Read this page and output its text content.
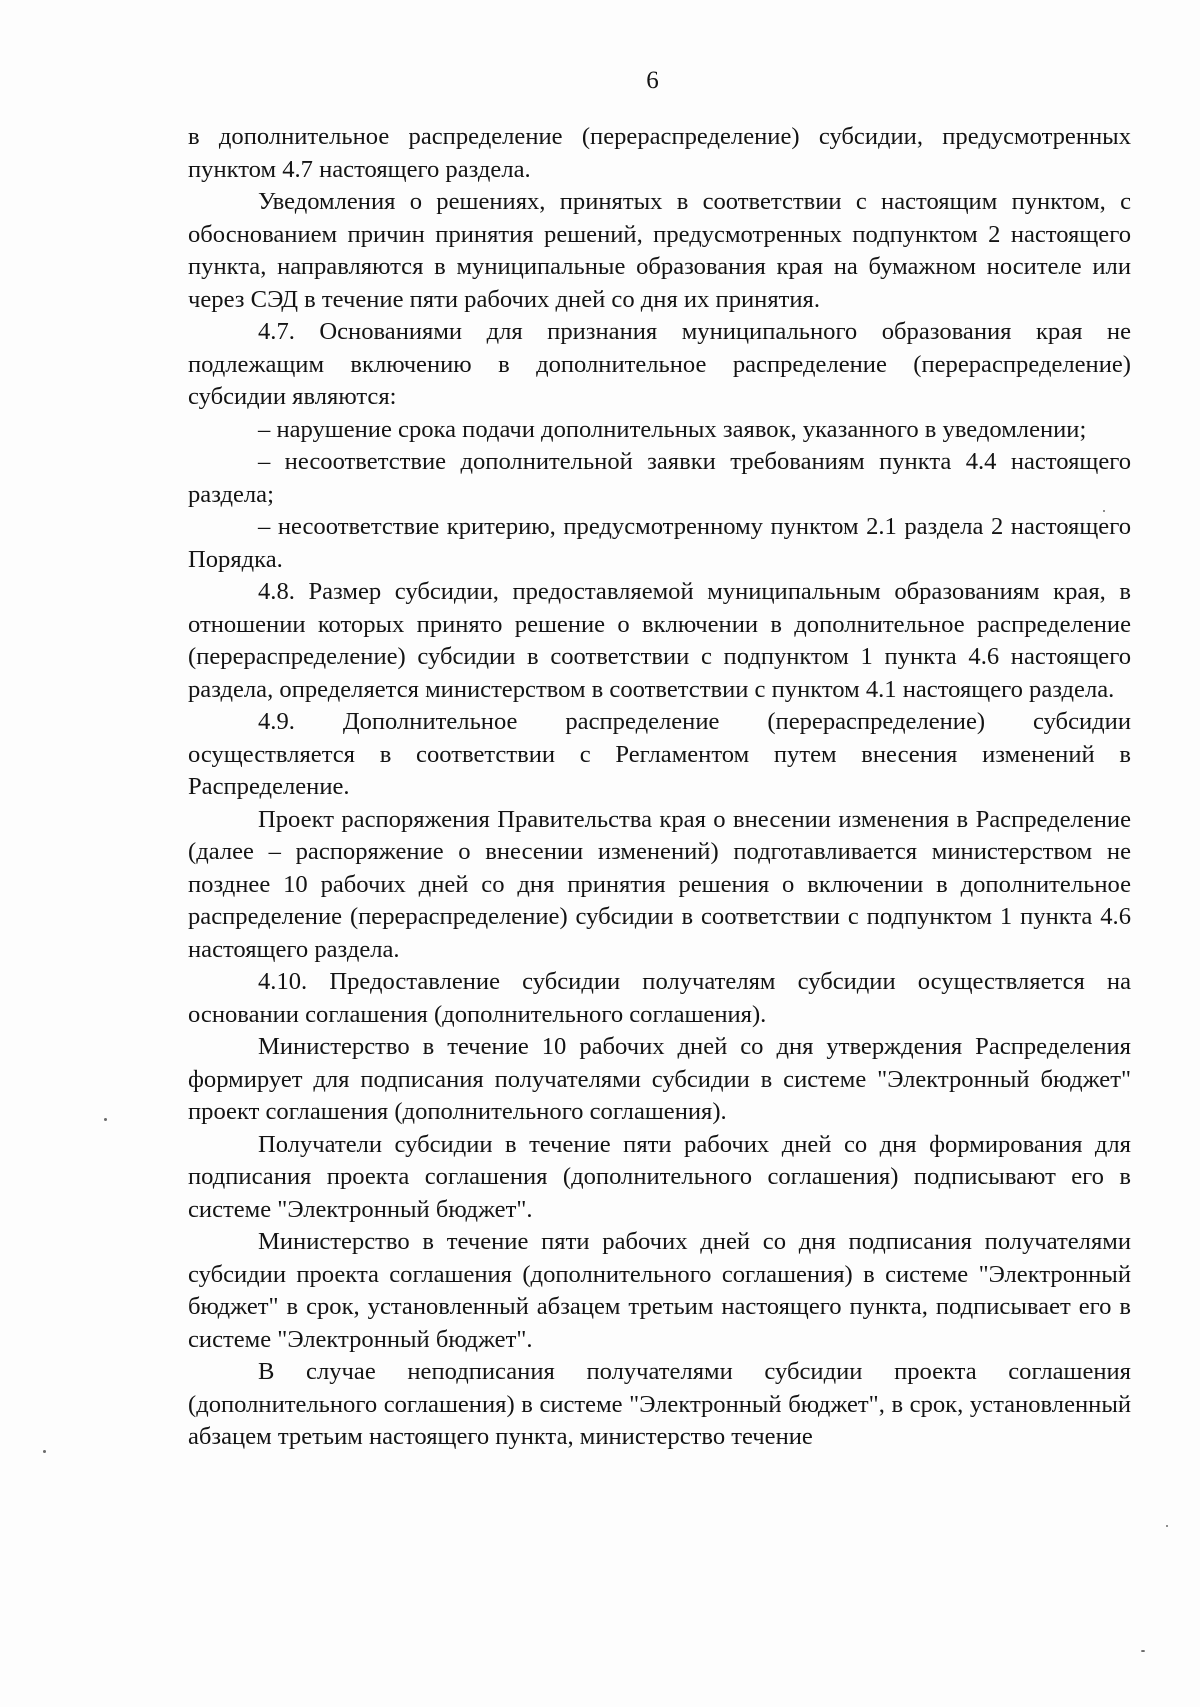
6

в дополнительное распределение (перераспределение) субсидии, предусмотренных пунктом 4.7 настоящего раздела.

Уведомления о решениях, принятых в соответствии с настоящим пунктом, с обоснованием причин принятия решений, предусмотренных подпунктом 2 настоящего пункта, направляются в муниципальные образования края на бумажном носителе или через СЭД в течение пяти рабочих дней со дня их принятия.

4.7. Основаниями для признания муниципального образования края не подлежащим включению в дополнительное распределение (перераспределение) субсидии являются:

– нарушение срока подачи дополнительных заявок, указанного в уведомлении;

– несоответствие дополнительной заявки требованиям пункта 4.4 настоящего раздела;

– несоответствие критерию, предусмотренному пунктом 2.1 раздела 2 настоящего Порядка.

4.8. Размер субсидии, предоставляемой муниципальным образованиям края, в отношении которых принято решение о включении в дополнительное распределение (перераспределение) субсидии в соответствии с подпунктом 1 пункта 4.6 настоящего раздела, определяется министерством в соответствии с пунктом 4.1 настоящего раздела.

4.9. Дополнительное распределение (перераспределение) субсидии осуществляется в соответствии с Регламентом путем внесения изменений в Распределение.

Проект распоряжения Правительства края о внесении изменения в Распределение (далее – распоряжение о внесении изменений) подготавливается министерством не позднее 10 рабочих дней со дня принятия решения о включении в дополнительное распределение (перераспределение) субсидии в соответствии с подпунктом 1 пункта 4.6 настоящего раздела.

4.10. Предоставление субсидии получателям субсидии осуществляется на основании соглашения (дополнительного соглашения).

Министерство в течение 10 рабочих дней со дня утверждения Распределения формирует для подписания получателями субсидии в системе "Электронный бюджет" проект соглашения (дополнительного соглашения).

Получатели субсидии в течение пяти рабочих дней со дня формирования для подписания проекта соглашения (дополнительного соглашения) подписывают его в системе "Электронный бюджет".

Министерство в течение пяти рабочих дней со дня подписания получателями субсидии проекта соглашения (дополнительного соглашения) в системе "Электронный бюджет" в срок, установленный абзацем третьим настоящего пункта, подписывает его в системе "Электронный бюджет".

В случае неподписания получателями субсидии проекта соглашения (дополнительного соглашения) в системе "Электронный бюджет", в срок, установленный абзацем третьим настоящего пункта, министерство течение
